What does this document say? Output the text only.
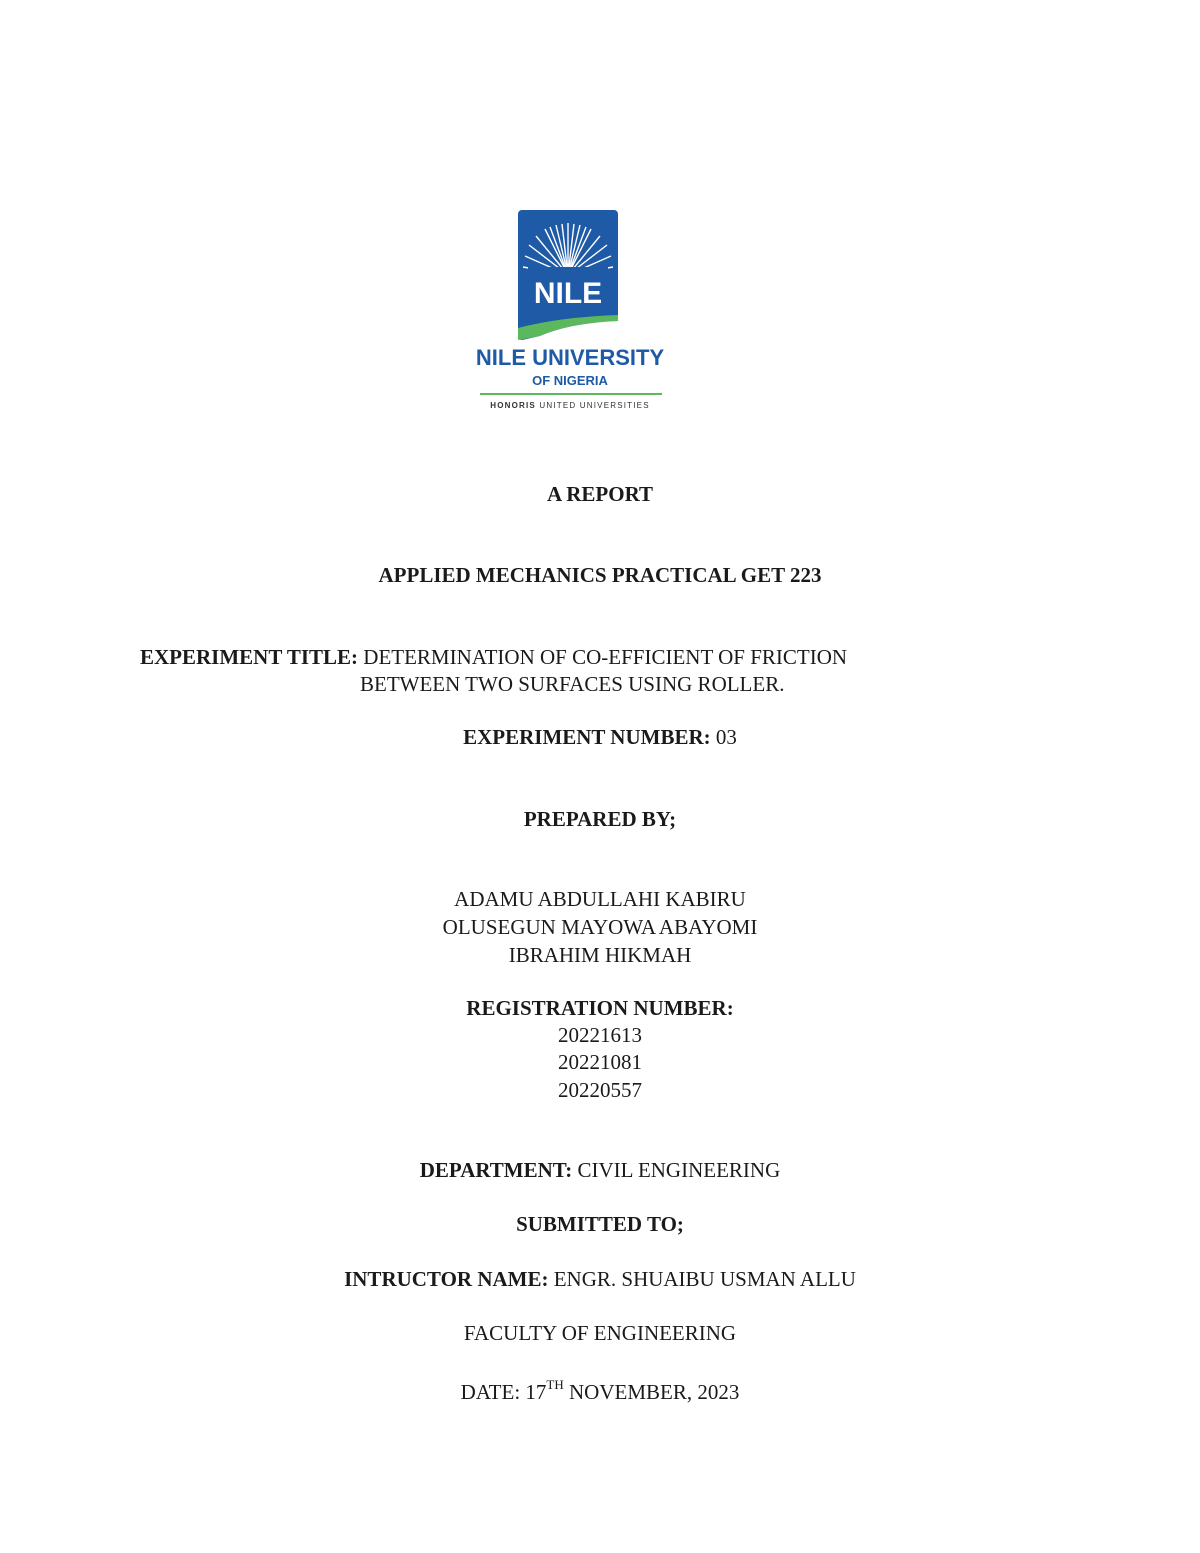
NILE
NILE UNIVERSITY
OF NIGERIA
HONORIS UNITED UNIVERSITIES
A REPORT
APPLIED MECHANICS PRACTICAL GET 223
EXPERIMENT TITLE: DETERMINATION OF CO-EFFICIENT OF FRICTION
BETWEEN TWO SURFACES USING ROLLER.
EXPERIMENT NUMBER: 03
PREPARED BY;
ADAMU ABDULLAHI KABIRU
OLUSEGUN MAYOWA ABAYOMI
IBRAHIM HIKMAH
REGISTRATION NUMBER:
20221613
20221081
20220557
DEPARTMENT: CIVIL ENGINEERING
SUBMITTED TO;
INTRUCTOR NAME: ENGR. SHUAIBU USMAN ALLU
FACULTY OF ENGINEERING
DATE: 17TH NOVEMBER, 2023
